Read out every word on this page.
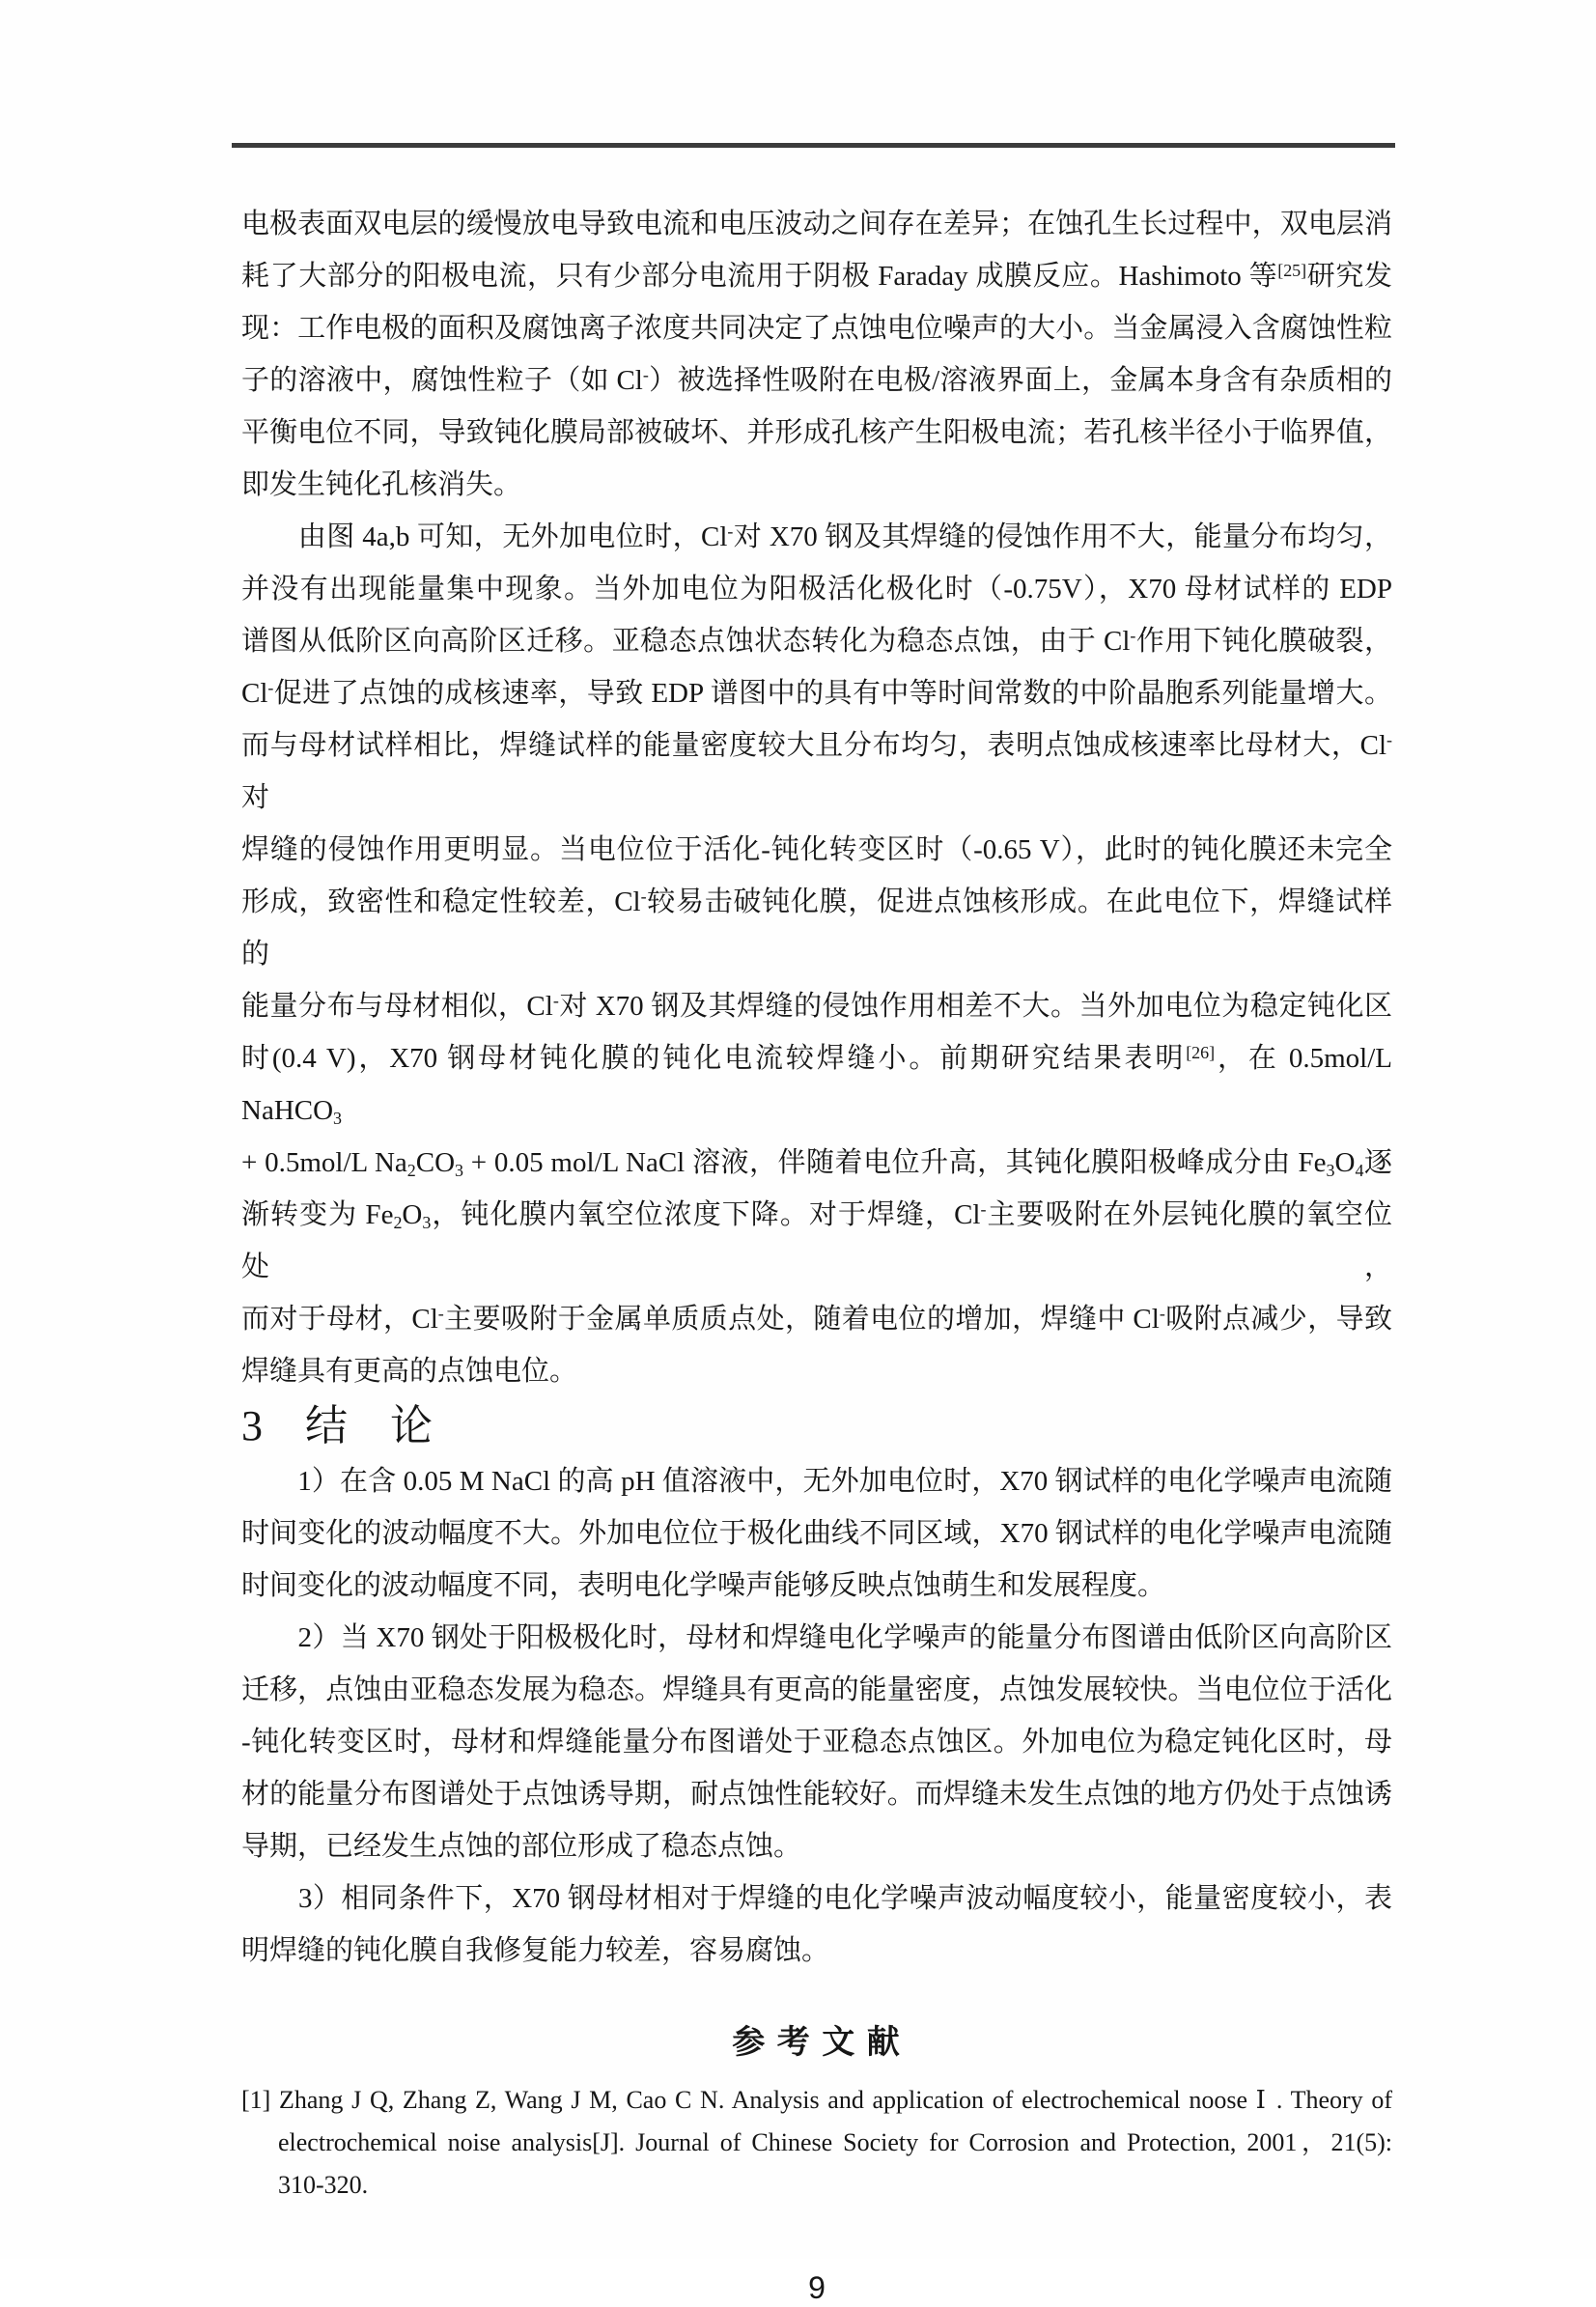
电极表面双电层的缓慢放电导致电流和电压波动之间存在差异；在蚀孔生长过程中，双电层消
耗了大部分的阳极电流，只有少部分电流用于阴极 Faraday 成膜反应。Hashimoto 等[25]研究发
现：工作电极的面积及腐蚀离子浓度共同决定了点蚀电位噪声的大小。当金属浸入含腐蚀性粒
子的溶液中，腐蚀性粒子（如 Cl-）被选择性吸附在电极/溶液界面上，金属本身含有杂质相的
平衡电位不同，导致钝化膜局部被破坏、并形成孔核产生阳极电流；若孔核半径小于临界值，
即发生钝化孔核消失。
　　由图 4a,b 可知，无外加电位时，Cl-对 X70 钢及其焊缝的侵蚀作用不大，能量分布均匀，
并没有出现能量集中现象。当外加电位为阳极活化极化时（-0.75V），X70 母材试样的 EDP
谱图从低阶区向高阶区迁移。亚稳态点蚀状态转化为稳态点蚀，由于 Cl-作用下钝化膜破裂，
Cl-促进了点蚀的成核速率，导致 EDP 谱图中的具有中等时间常数的中阶晶胞系列能量增大。
而与母材试样相比，焊缝试样的能量密度较大且分布均匀，表明点蚀成核速率比母材大，Cl-对
焊缝的侵蚀作用更明显。当电位位于活化-钝化转变区时（-0.65 V），此时的钝化膜还未完全
形成，致密性和稳定性较差，Cl-较易击破钝化膜，促进点蚀核形成。在此电位下，焊缝试样的
能量分布与母材相似，Cl-对 X70 钢及其焊缝的侵蚀作用相差不大。当外加电位为稳定钝化区
时(0.4 V)，X70 钢母材钝化膜的钝化电流较焊缝小。前期研究结果表明[26]，在 0.5mol/L NaHCO$_3$
+ 0.5mol/L $Na_2CO_3 + 0.05$ mol/L NaCl 溶液，伴随着电位升高，其钝化膜阳极峰成分由 $Fe_3O_4$逐
渐转变为 $Fe_2O_3$，钝化膜内氧空位浓度下降。对于焊缝，Cl-主要吸附在外层钝化膜的氧空位处，
而对于母材，Cl-主要吸附于金属单质质点处，随着电位的增加，焊缝中 Cl-吸附点减少，导致
焊缝具有更高的点蚀电位。
3　结　论
　　1）在含 0.05 M NaCl 的高 pH 值溶液中，无外加电位时，X70 钢试样的电化学噪声电流随
时间变化的波动幅度不大。外加电位位于极化曲线不同区域，X70 钢试样的电化学噪声电流随
时间变化的波动幅度不同，表明电化学噪声能够反映点蚀萌生和发展程度。
　　2）当 X70 钢处于阳极极化时，母材和焊缝电化学噪声的能量分布图谱由低阶区向高阶区
迁移，点蚀由亚稳态发展为稳态。焊缝具有更高的能量密度，点蚀发展较快。当电位位于活化
-钝化转变区时，母材和焊缝能量分布图谱处于亚稳态点蚀区。外加电位为稳定钝化区时，母
材的能量分布图谱处于点蚀诱导期，耐点蚀性能较好。而焊缝未发生点蚀的地方仍处于点蚀诱
导期，已经发生点蚀的部位形成了稳态点蚀。
　　3）相同条件下，X70 钢母材相对于焊缝的电化学噪声波动幅度较小，能量密度较小，表
明焊缝的钝化膜自我修复能力较差，容易腐蚀。
参 考 文 献
[1] Zhang J Q, Zhang Z, Wang J M, Cao C N. Analysis and application of electrochemical noose Ⅰ . Theory of
electrochemical noise analysis[J]. Journal of Chinese Society for Corrosion and Protection, 2001，21(5):
310-320.
9
